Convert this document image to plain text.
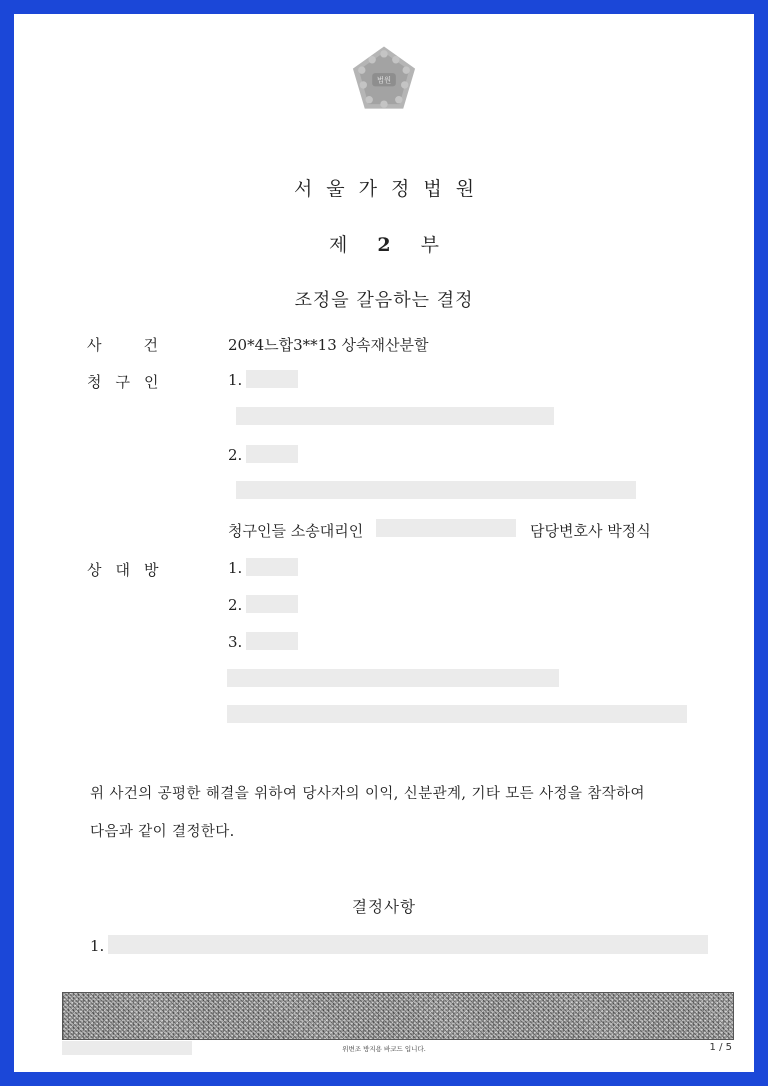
법원
서울가정법원
제 2 부
조정을 갈음하는 결정
사건 20*4느합3**13 상속재산분할
청구인	1.
2.
청구인들 소송대리인	담당변호사 박정식
상대방	1.
2.
3.
위 사건의 공평한 해결을 위하여 당사자의 이익, 신분관계, 기타 모든 사정을 참작하여
다음과 같이 결정한다.
결정사항
1.
위변조 방지용 바코드 입니다.	1 / 5
